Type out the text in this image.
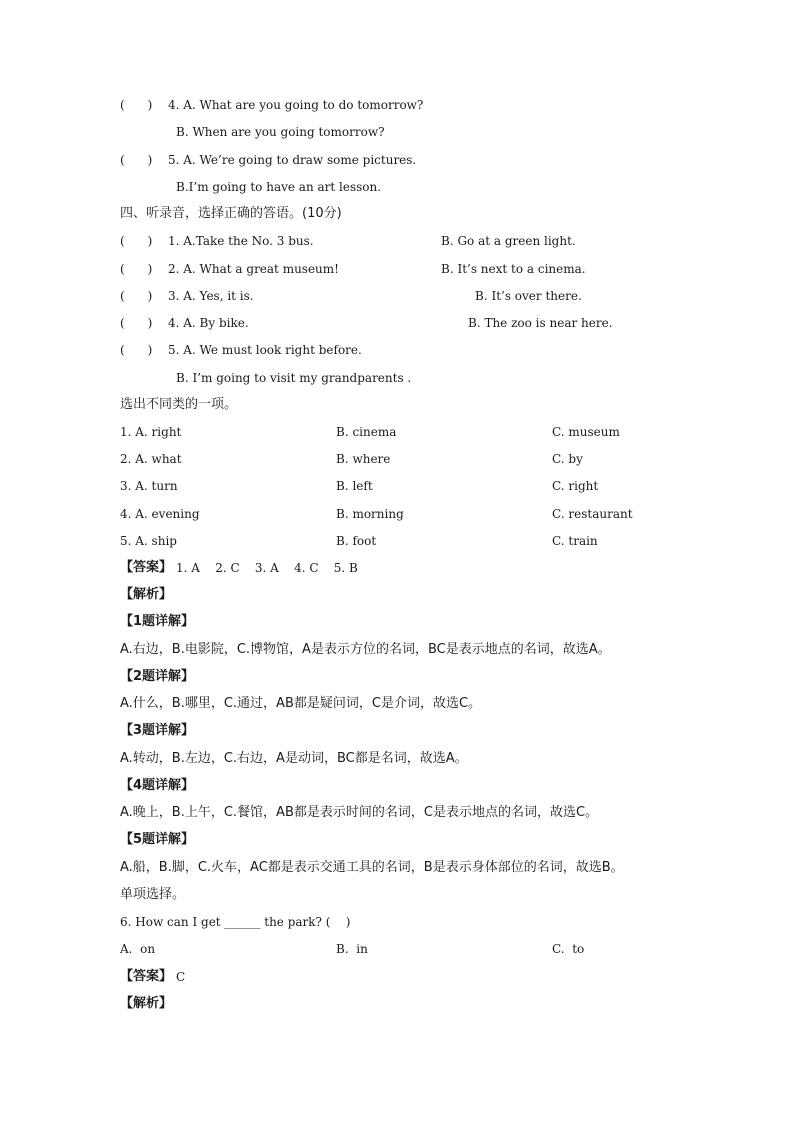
(      ) 4. A. What are you going to do tomorrow?
B. When are you going tomorrow?
(      ) 5. A. We’re going to draw some pictures.
B.I’m going to have an art lesson.
四、听录音，选择正确的答语。(10分)
(      ) 1. A.Take the No. 3 bus.	B. Go at a green light.
(      ) 2. A. What a great museum!	B. It’s next to a cinema.
(      ) 3. A. Yes, it is.	B. It’s over there.
(      ) 4. A. By bike.	B. The zoo is near here.
(      ) 5. A. We must look right before.
B. I’m going to visit my grandparents .
选出不同类的一项。
1. A. right	B. cinema	C. museum
2. A. what	B. where	C. by
3. A. turn	B. left	C. right
4. A. evening	B. morning	C. restaurant
5. A. ship	B. foot	C. train
【答案】 1. A    2. C    3. A    4. C    5. B
【解析】
【1题详解】
A.右边，B.电影院，C.博物馆，A是表示方位的名词，BC是表示地点的名词，故选A。
【2题详解】
A.什么，B.哪里，C.通过，AB都是疑问词，C是介词，故选C。
【3题详解】
A.转动，B.左边，C.右边，A是动词，BC都是名词，故选A。
【4题详解】
A.晚上，B.上午，C.餐馆，AB都是表示时间的名词，C是表示地点的名词，故选C。
【5题详解】
A.船，B.脚，C.火车，AC都是表示交通工具的名词，B是表示身体部位的名词，故选B。
单项选择。
6. How can I get ______ the park? (    )
A.  on	B.  in	C.  to
【答案】 C
【解析】
